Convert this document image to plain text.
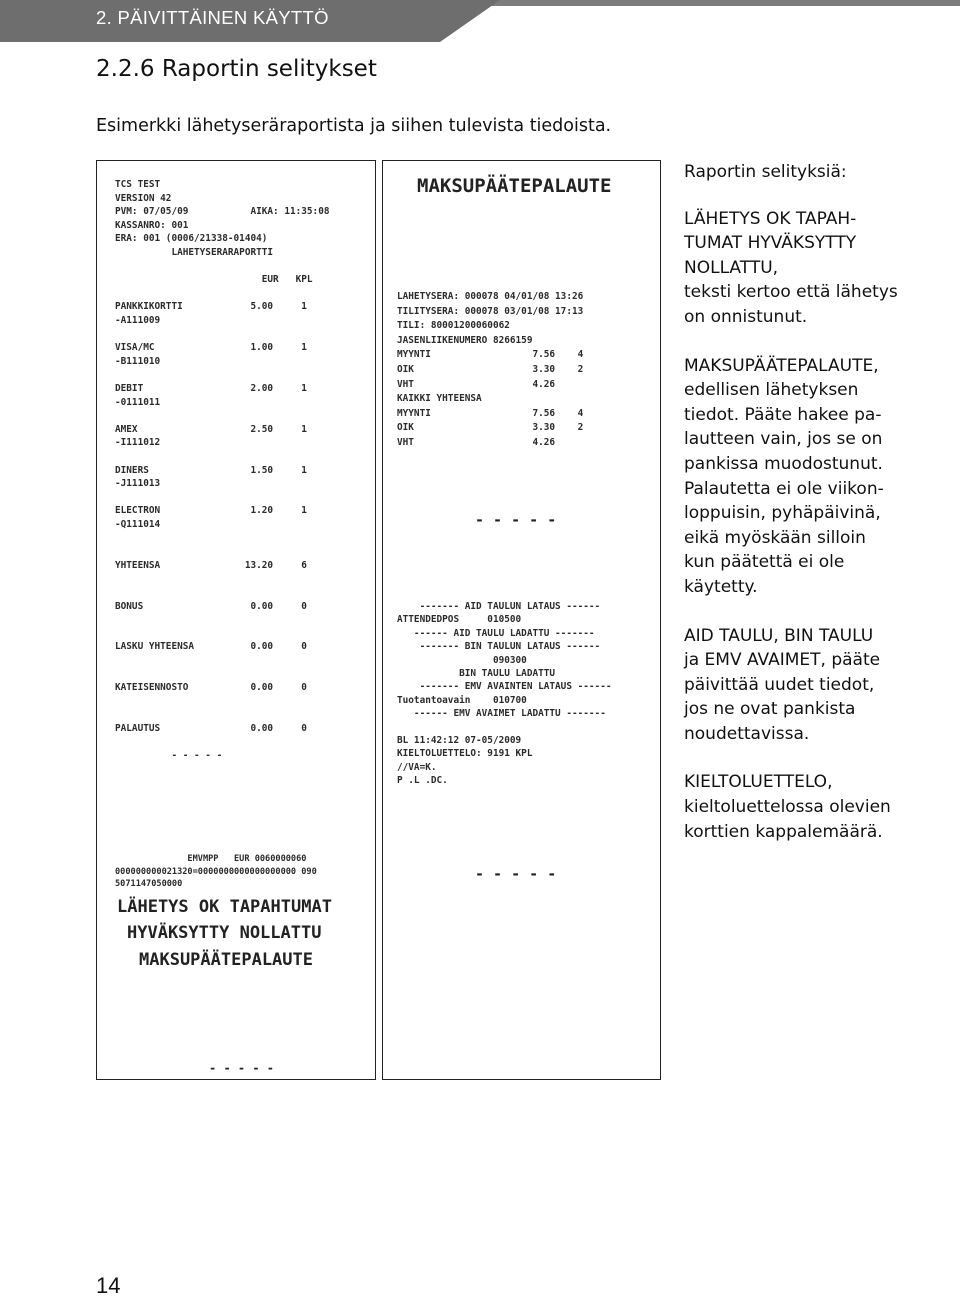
2. PÄIVITTÄINEN KÄYTTÖ
2.2.6 Raportin selitykset
Esimerkki lähetyseräraportista ja siihen tulevista tiedoista.
TCS TEST
VERSION 42
PVM: 07/05/09           AIKA: 11:35:08
KASSANRO: 001
ERA: 001 (0006/21338-01404)
LAHETYSERARAPORTTI
EUR   KPL
PANKKIKORTTI            5.00     1
-A111009
VISA/MC                 1.00     1
-B111010
DEBIT                   2.00     1
-0111011
AMEX                    2.50     1
-I111012
DINERS                  1.50     1
-J111013
ELECTRON                1.20     1
-Q111014
YHTEENSA               13.20     6
BONUS                   0.00     0
LASKU YHTEENSA          0.00     0
KATEISENNOSTO           0.00     0
PALAUTUS                0.00     0
- - - - -
EMVMPP   EUR 0060000060
000000000021320=0000000000000000000 090
5071147050000
LÄHETYS OK TAPAHTUMAT
HYVÄKSYTTY NOLLATTU
MAKSUPÄÄTEPALAUTE
- - - - -
MAKSUPÄÄTEPALAUTE
LAHETYSERA: 000078 04/01/08 13:26
TILITYSERA: 000078 03/01/08 17:13
TILI: 80001200060062
JASENLIIKENUMERO 8266159
MYYNTI                  7.56    4
OIK                     3.30    2
VHT                     4.26
KAIKKI YHTEENSA
MYYNTI                  7.56    4
OIK                     3.30    2
VHT                     4.26
- - - - -
------- AID TAULUN LATAUS ------
ATTENDEDPOS     010500
------ AID TAULU LADATTU -------
------- BIN TAULUN LATAUS ------
090300
BIN TAULU LADATTU
------- EMV AVAINTEN LATAUS ------
Tuotantoavain    010700
------ EMV AVAIMET LADATTU -------
BL 11:42:12 07-05/2009
KIELTOLUETTELO: 9191 KPL
//VA=K.
P .L .DC.
- - - - -

Raportin selityksiä:

LÄHETYS OK TAPAH-
TUMAT HYVÄKSYTTY
NOLLATTU,
teksti kertoo että lähetys
on onnistunut.

MAKSUPÄÄTEPALAUTE,
edellisen lähetyksen
tiedot. Pääte hakee pa-
lautteen vain, jos se on
pankissa muodostunut.
Palautetta ei ole viikon-
loppuisin, pyhäpäivinä,
eikä myöskään silloin
kun päätettä ei ole
käytetty.

AID TAULU, BIN TAULU
ja EMV AVAIMET, pääte
päivittää uudet tiedot,
jos ne ovat pankista
noudettavissa.

KIELTOLUETTELO,
kieltoluettelossa olevien
korttien kappalemäärä.

14
